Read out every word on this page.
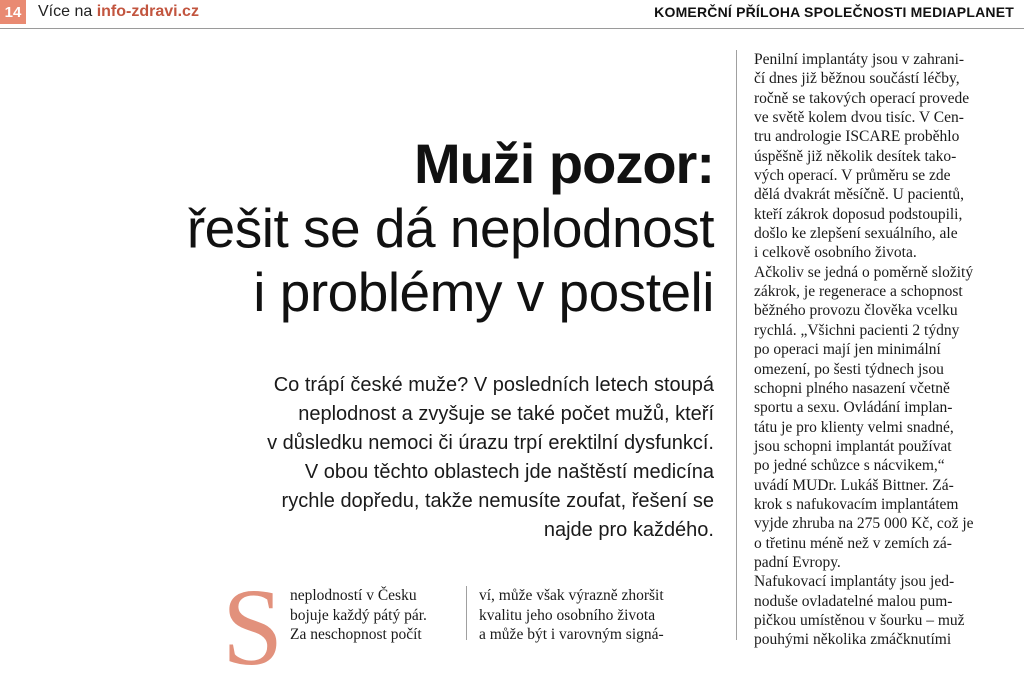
14 Více na info-zdravi.cz	KOMERČNÍ PŘÍLOHA SPOLEČNOSTI MEDIAPLANET
Muži pozor:
řešit se dá neplodnost
i problémy v posteli
Co trápí české muže? V posledních letech stoupá
neplodnost a zvyšuje se také počet mužů, kteří
v důsledku nemoci či úrazu trpí erektilní dysfunkcí.
V obou těchto oblastech jde naštěstí medicína
rychle dopředu, takže nemusíte zoufat, řešení se
najde pro každého.
S neplodností v Česku
bojuje každý pátý pár.
Za neschopnost počít
ví, může však výrazně zhoršit
kvalitu jeho osobního života
a může být i varovným signá-
Penilní implantáty jsou v zahrani-
čí dnes již běžnou součástí léčby,
ročně se takových operací provede
ve světě kolem dvou tisíc. V Cen-
tru andrologie ISCARE proběhlo
úspěšně již několik desítek tako-
vých operací. V průměru se zde
dělá dvakrát měsíčně. U pacientů,
kteří zákrok doposud podstoupili,
došlo ke zlepšení sexuálního, ale
i celkově osobního života.
Ačkoliv se jedná o poměrně složitý
zákrok, je regenerace a schopnost
běžného provozu člověka vcelku
rychlá. „Všichni pacienti 2 týdny
po operaci mají jen minimální
omezení, po šesti týdnech jsou
schopni plného nasazení včetně
sportu a sexu. Ovládání implan-
tátu je pro klienty velmi snadné,
jsou schopni implantát používat
po jedné schůzce s nácvikem,“
uvádí MUDr. Lukáš Bittner. Zá-
krok s nafukovacím implantátem
vyjde zhruba na 275 000 Kč, což je
o třetinu méně než v zemích zá-
padní Evropy.
Nafukovací implantáty jsou jed-
noduše ovladatelné malou pum-
pičkou umístěnou v šourku – muž
pouhými několika zmáčknutími
